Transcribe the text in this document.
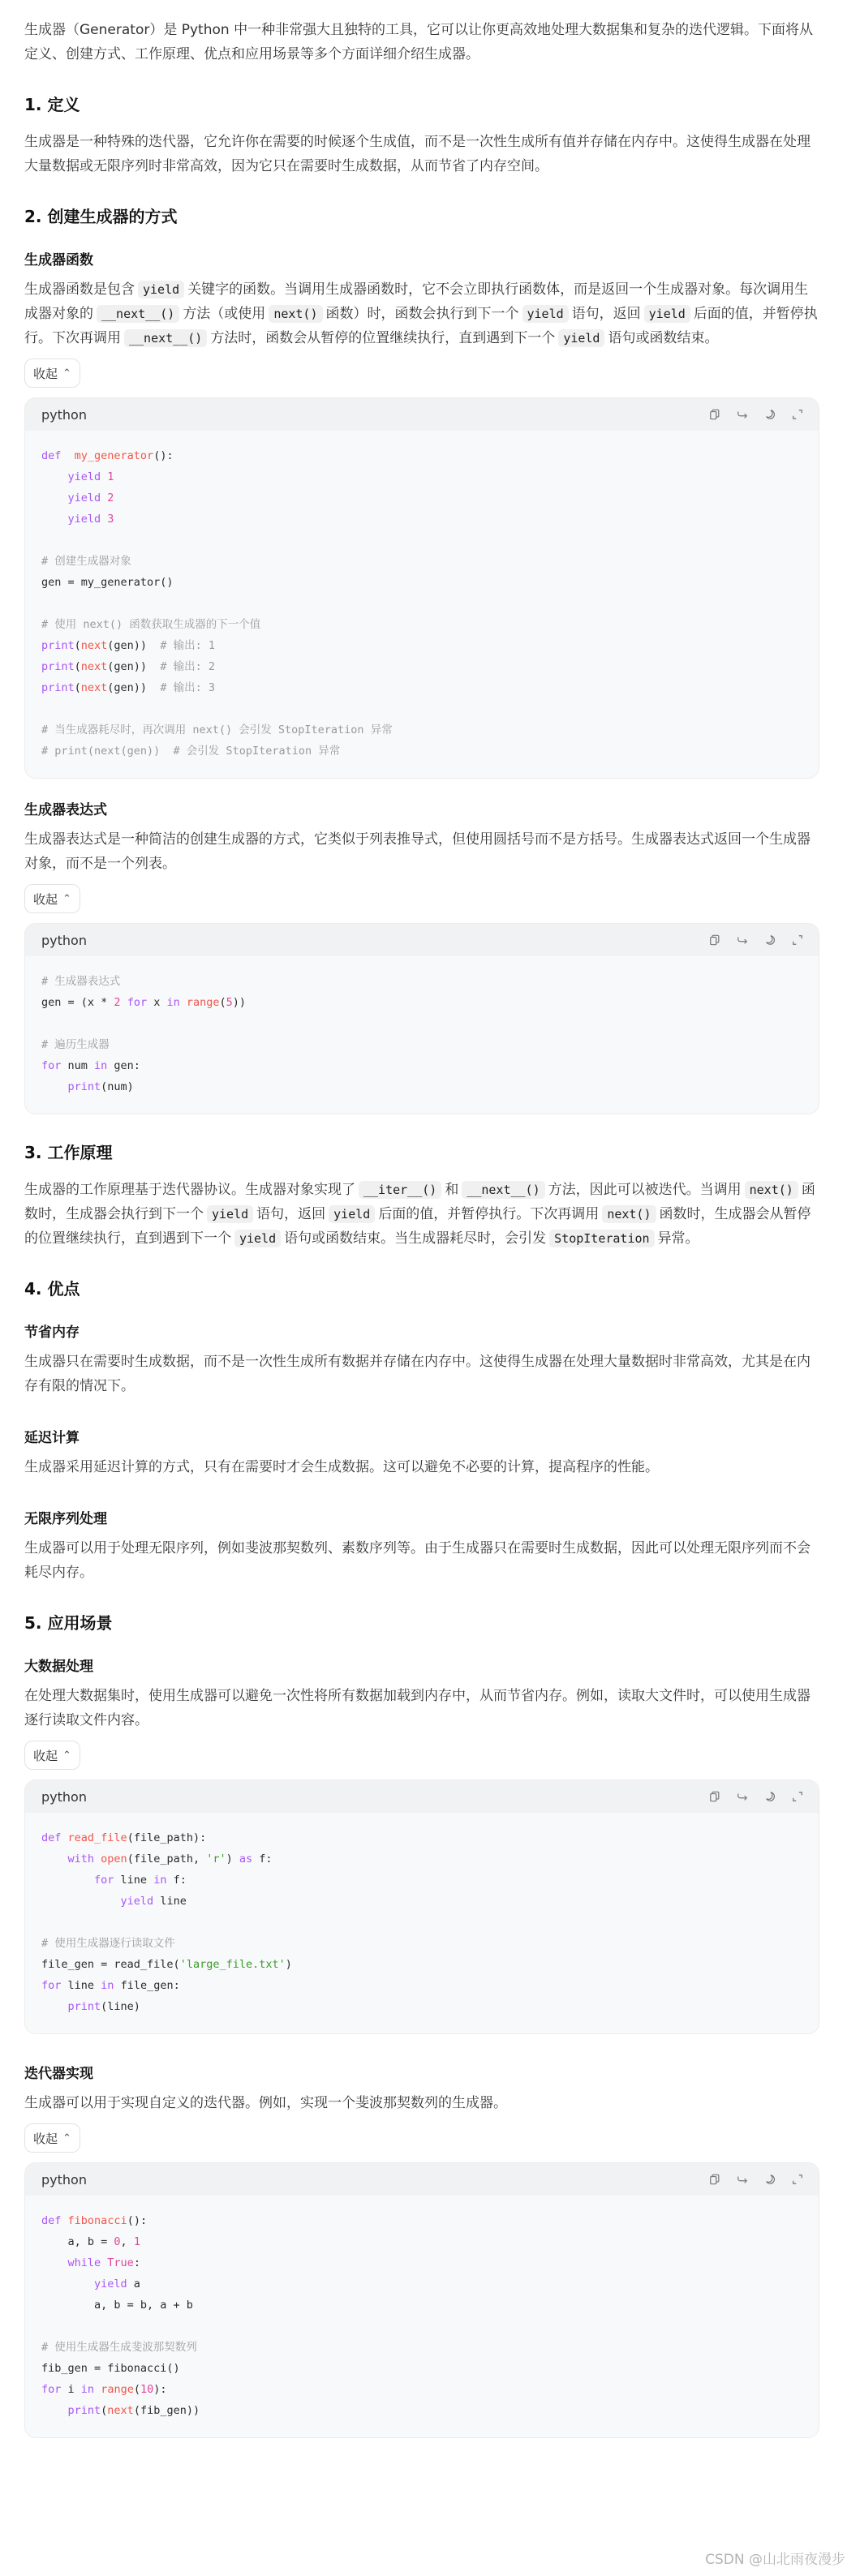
生成器（Generator）是 Python 中一种非常强大且独特的工具，它可以让你更高效地处理大数据集和复杂的迭代逻辑。下面将从定义、创建方式、工作原理、优点和应用场景等多个方面详细介绍生成器。

1. 定义

生成器是一种特殊的迭代器，它允许你在需要的时候逐个生成值，而不是一次性生成所有值并存储在内存中。这使得生成器在处理大量数据或无限序列时非常高效，因为它只在需要时生成数据，从而节省了内存空间。

2. 创建生成器的方式
生成器函数

生成器函数是包含 yield 关键字的函数。当调用生成器函数时，它不会立即执行函数体，而是返回一个生成器对象。每次调用生成器对象的 __next__() 方法（或使用 next() 函数）时，函数会执行到下一个 yield 语句，返回 yield 后面的值，并暂停执行。下次再调用 __next__() 方法时，函数会从暂停的位置继续执行，直到遇到下一个 yield 语句或函数结束。

收起 ⌃
python
def my_generator():
yield 1
yield 2
yield 3

# 创建生成器对象
gen = my_generator()

# 使用 next() 函数获取生成器的下一个值
print(next(gen))  # 输出: 1
print(next(gen))  # 输出: 2
print(next(gen))  # 输出: 3

# 当生成器耗尽时，再次调用 next() 会引发 StopIteration 异常
# print(next(gen))  # 会引发 StopIteration 异常
生成器表达式

生成器表达式是一种简洁的创建生成器的方式，它类似于列表推导式，但使用圆括号而不是方括号。生成器表达式返回一个生成器对象，而不是一个列表。

收起 ⌃
python
# 生成器表达式
gen = (x * 2 for x in range(5))

# 遍历生成器
for num in gen:
print(num)
3. 工作原理

生成器的工作原理基于迭代器协议。生成器对象实现了 __iter__() 和 __next__() 方法，因此可以被迭代。当调用 next() 函数时，生成器会执行到下一个 yield 语句，返回 yield 后面的值，并暂停执行。下次再调用 next() 函数时，生成器会从暂停的位置继续执行，直到遇到下一个 yield 语句或函数结束。当生成器耗尽时，会引发 StopIteration 异常。

4. 优点
节省内存

生成器只在需要时生成数据，而不是一次性生成所有数据并存储在内存中。这使得生成器在处理大量数据时非常高效，尤其是在内存有限的情况下。

延迟计算

生成器采用延迟计算的方式，只有在需要时才会生成数据。这可以避免不必要的计算，提高程序的性能。

无限序列处理

生成器可以用于处理无限序列，例如斐波那契数列、素数序列等。由于生成器只在需要时生成数据，因此可以处理无限序列而不会耗尽内存。

5. 应用场景
大数据处理

在处理大数据集时，使用生成器可以避免一次性将所有数据加载到内存中，从而节省内存。例如，读取大文件时，可以使用生成器逐行读取文件内容。

收起 ⌃
python
def read_file(file_path):
with open(file_path, 'r') as f:
for line in f:
yield line

# 使用生成器逐行读取文件
file_gen = read_file('large_file.txt')
for line in file_gen:
print(line)
迭代器实现

生成器可以用于实现自定义的迭代器。例如，实现一个斐波那契数列的生成器。

收起 ⌃
python
def fibonacci():
a, b = 0, 1
while True:
yield a
a, b = b, a + b

# 使用生成器生成斐波那契数列
fib_gen = fibonacci()
for i in range(10):
print(next(fib_gen))
CSDN @山北雨夜漫步
